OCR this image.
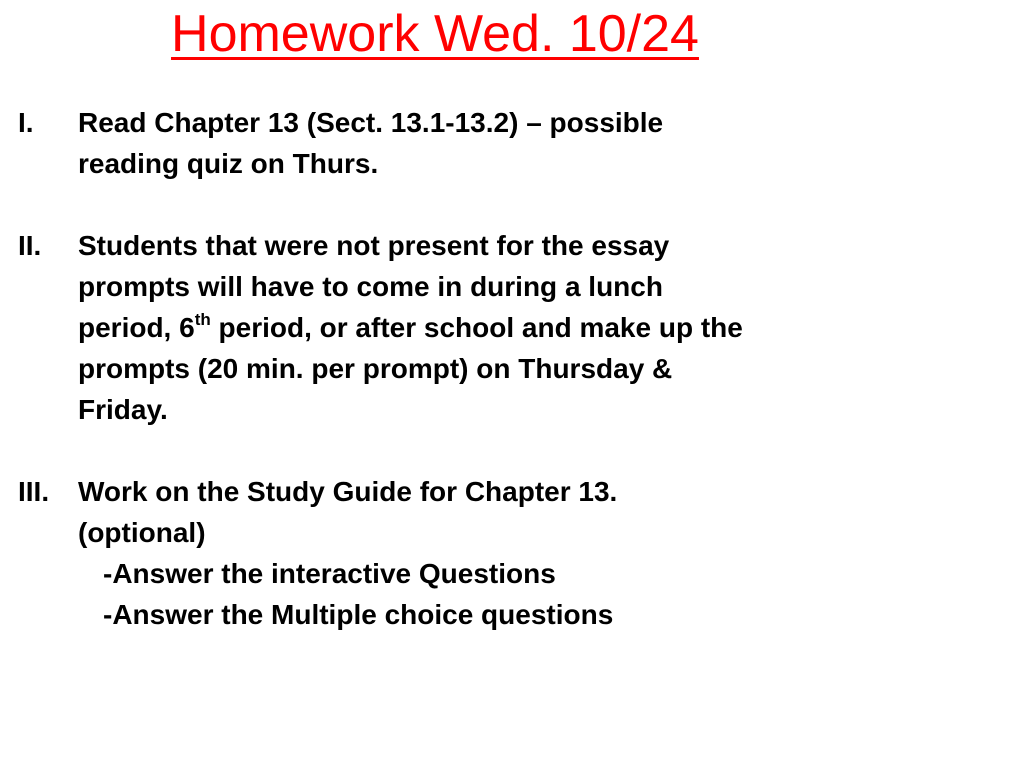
Homework Wed. 10/24
I. Read Chapter 13 (Sect. 13.1-13.2) – possible
reading quiz on Thurs.
II. Students that were not present for the essay
prompts will have to come in during a lunch
period, 6th period, or after school and make up the
prompts (20 min. per prompt) on Thursday &
Friday.
III. Work on the Study Guide for Chapter 13.
(optional)
-Answer the interactive Questions
-Answer the Multiple choice questions
